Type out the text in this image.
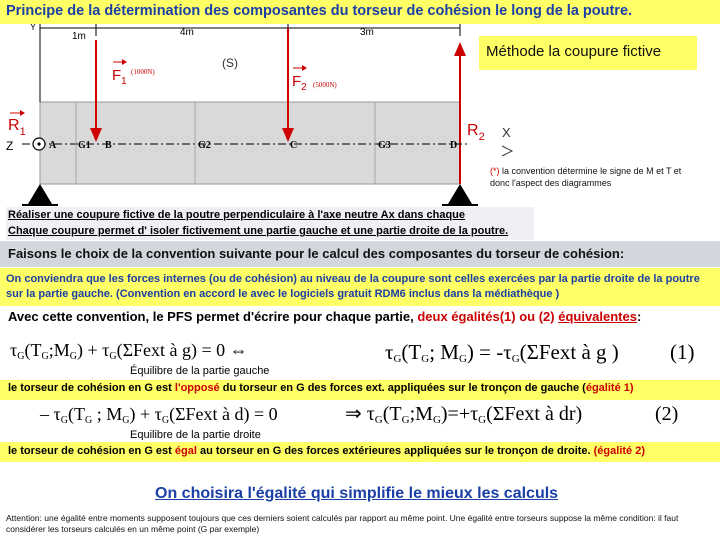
Principe de la détermination des composantes du torseur de cohésion le long de la poutre.
1m	4m	3m
(S)
$F_1$
(1000N)
$F_2$ (5000N)
$R_1$	$R_2$
Z
Y
X
A G1 B	G2	C	G3	D
Méthode la coupure fictive
(*) la convention détermine le signe de M et T et donc l'aspect des diagrammes
Réaliser une coupure fictive de la poutre perpendiculaire à l'axe neutre Ax dans chaque
Chaque coupure permet d' isoler fictivement une partie gauche et une partie droite de la poutre.
Faisons le choix de la convention suivante pour le calcul des composantes du torseur de cohésion:
On conviendra que les forces internes (ou de cohésion) au niveau de la coupure sont celles exercées par la partie droite de la poutre sur la partie gauche. (Convention en accord le avec le logiciels gratuit RDM6 inclus dans la médiathèque )
Avec cette convention, le PFS permet d'écrire pour chaque partie, deux égalités(1) ou (2) équivalentes:
τG(TG;MG) + τG(ΣFext à g) = 0 ⇔	τG(TG; MG) = -τG(ΣFext à g ) (1)
Équilibre de la partie gauche
– τG(TG ; MG) + τG(ΣFext à d) = 0	⇒ τG(TG;MG)=+τG(ΣFext à dr)	(2)
Equilibre de la partie droite
le torseur de cohésion en G est l'opposé du torseur en G des forces ext. appliquées sur le tronçon de gauche (égalité 1)
le torseur de cohésion en G est égal au torseur en G des forces extérieures appliquées sur le tronçon de droite. (égalité 2)
On choisira l'égalité qui simplifie le mieux les calculs
Attention: une égalité entre moments supposent toujours que ces derniers soient calculés par rapport au même point. Une égalité entre torseurs suppose la même condition: il faut considérer les torseurs calculés en un même point (G par exemple)
